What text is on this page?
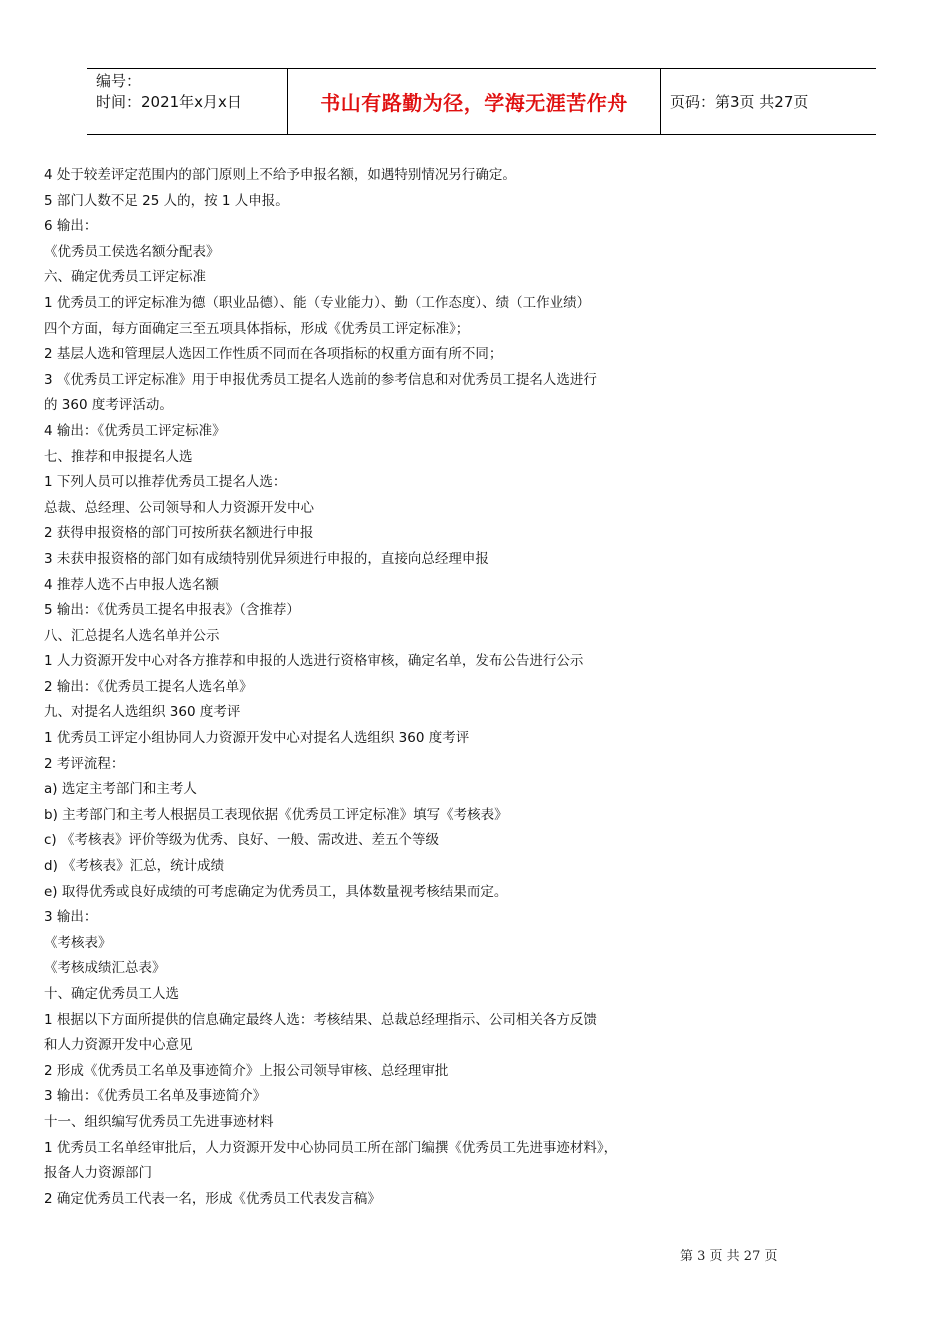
编号：
时间：2021年x月x日	书山有路勤为径，学海无涯苦作舟	页码：第3页 共27页
4 处于较差评定范围内的部门原则上不给予申报名额，如遇特别情况另行确定。
5 部门人数不足 25 人的，按 1 人申报。
6 输出：
《优秀员工侯选名额分配表》
六、确定优秀员工评定标准
1 优秀员工的评定标准为德（职业品德）、能（专业能力）、勤（工作态度）、绩（工作业绩）
四个方面，每方面确定三至五项具体指标，形成《优秀员工评定标准》；
2 基层人选和管理层人选因工作性质不同而在各项指标的权重方面有所不同；
3 《优秀员工评定标准》用于申报优秀员工提名人选前的参考信息和对优秀员工提名人选进行
的 360 度考评活动。
4 输出：《优秀员工评定标准》
七、推荐和申报提名人选
1 下列人员可以推荐优秀员工提名人选：
总裁、总经理、公司领导和人力资源开发中心
2 获得申报资格的部门可按所获名额进行申报
3 未获申报资格的部门如有成绩特别优异须进行申报的，直接向总经理申报
4 推荐人选不占申报人选名额
5 输出：《优秀员工提名申报表》（含推荐）
八、汇总提名人选名单并公示
1 人力资源开发中心对各方推荐和申报的人选进行资格审核，确定名单，发布公告进行公示
2 输出：《优秀员工提名人选名单》
九、对提名人选组织 360 度考评
1 优秀员工评定小组协同人力资源开发中心对提名人选组织 360 度考评
2 考评流程：
a) 选定主考部门和主考人
b) 主考部门和主考人根据员工表现依据《优秀员工评定标准》填写《考核表》
c) 《考核表》评价等级为优秀、良好、一般、需改进、差五个等级
d) 《考核表》汇总，统计成绩
e) 取得优秀或良好成绩的可考虑确定为优秀员工，具体数量视考核结果而定。
3 输出：
《考核表》
《考核成绩汇总表》
十、确定优秀员工人选
1 根据以下方面所提供的信息确定最终人选：考核结果、总裁总经理指示、公司相关各方反馈
和人力资源开发中心意见
2 形成《优秀员工名单及事迹简介》上报公司领导审核、总经理审批
3 输出：《优秀员工名单及事迹简介》
十一、组织编写优秀员工先进事迹材料
1 优秀员工名单经审批后，人力资源开发中心协同员工所在部门编撰《优秀员工先进事迹材料》，
报备人力资源部门
2 确定优秀员工代表一名，形成《优秀员工代表发言稿》
第 3 页 共 27 页
